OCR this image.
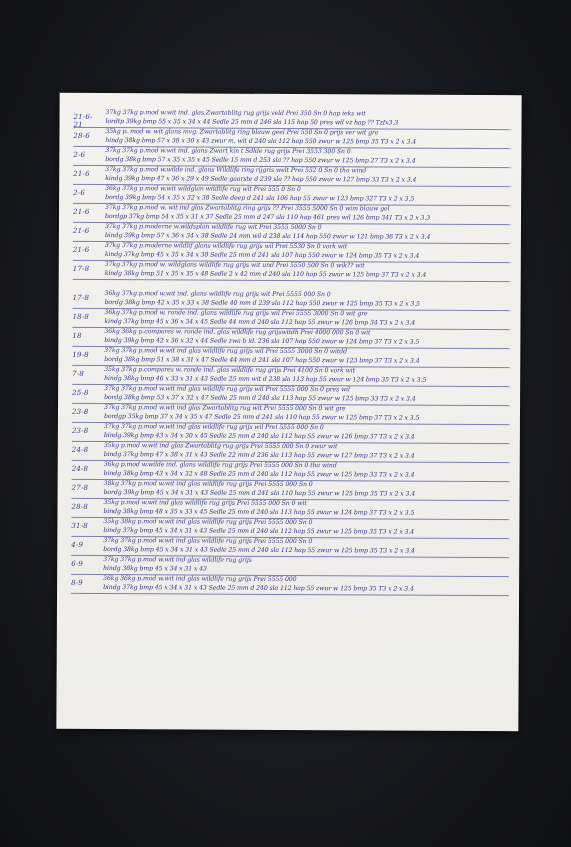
21-6-21
37kg 37kg p.mod w.wit ind. glas Zwartablitg rug grijs veld Prei 350 Sn 0 hap ieks wit
lordtp 39kg bmp 55 x 35 x 34 x 44 Sedle 25 mm d 246 sla 115 hap 50 pres wil vz hap ?? TzIx3.3
28-6	35kg p. mod w. wit glans mvg. Zwartablitg ring blauw geel Prei 550 Sn 0 prijs ver wit gre
hindg 38kg bmp 57 x 38 x 30 x 43 zwur m. wit d 240 sla 112 hap 550 zwur w 125 bmp 35 T3 x 2 x 3.4
2-6	37kg 37kg p.mod w.wit ind. glans Zwart kin t Sdlde rug grijs Prei 3553 300 Sn 0
bordg 38kg bmp 57 x 35 x 35 x 45 Sedle 15 mm d 253 sla ?? hap 550 zwur w 125 bmp 27 T3 x 2 x 3.4
21-6	37kg 37kg p.mod w.wilde ind. glans Wildlife ring rijgris welt Prei 552 0 Sn 0 tha wind
kindg 39kg bmp 47 x 36 x 29 x 49 Sedle gaarste d 239 sla ?? hap 550 zwur w 127 bmp 33 T3 x 2 x 3.4
2-6	36kg 37kg p.mod w.wit wildglan wildlife rug wit Prei 555 0 Sn 0
bordg 39kg bmp 54 x 35 x 32 x 38 Sedle deep d 241 sla 106 hap 55 zwur w 123 bmp 327 T3 x 2 x 3.5
21-6	37kg 37kg p.mod w. wit ind glas Zwartablitg ring grijs ?? Prei 3555 5000 Sn 0 wim blauw gel
bordgp 37kg bmp 54 x 35 x 31 x 37 Sedle 25 mm d 247 sla 110 hap 461 pres wil 126 bmp 341 T3 x 2 x 3.3
21-6	37kg 37kg p.moderne w.wildsplan wildlife rug wit Prei 3555 5000 Sn 0
bindg 39kg bmp 57 x 36 x 34 x 38 Sedle 24 mm wil d 238 sla 114 hap 550 zwur w 121 bmp 36 T3 x 2 x 3.4
21-6	37kg 37kg p.moderne wildlif glans wildlife rug grijs wil Prei 5530 Sn 0 vork wit
kindg 37kg bmp 45 x 35 x 34 x 38 Sedle 25 mm d 241 sla 107 hap 550 zwur w 124 bmp 35 T3 x 2 x 3.4
17-8	37kg 37kg p.mod w. wildglans wildlife rug grijs wit und Prei 5550 500 Sn 0 wik?? wit
kindg 38kg bmp 51 x 35 x 35 x 48 Sedle 2 x 42 mm d 240 sla 110 hap 55 zwur w 125 bmp 37 T3 x 2 x 3.4
17-8	36kg 37kg p.mod w.wit ind. glans wildlife rug grijs wit Prei 5555 000 Sn 0
bordg 38kg bmp 42 x 35 x 33 x 38 Sedle 40 mm d 239 sla 112 hap 550 zwur w 125 bmp 35 T3 x 2 x 3.5
18-8	36kg 37kg p.mod w. ronde ind. glans wildlife rug grijs wil Prei 5555 3000 Sn 0 wit gre
kindg 37kg bmp 45 x 36 x 34 x 45 Sedle 44 mm d 240 sla 112 hap 55 zwur w 126 bmp 34 T3 x 2 x 3.4
18	36kg 36kg p.compares w. ronde ind. glas wildlife rug grijswitdh Prei 4000 000 Sn 0 wit
bindg 39kg bmp 42 x 36 x 32 x 44 Sedle zwa b id. 236 sla 107 hap 550 zwur w 124 bmp 37 T3 x 2 x 3.5
19-8	37kg 37kg p.mod w.wit ind glas wildlife rug grijs wil Prei 5555 3000 Sn 0 witdd
bordg 38kg bmp 51 x 38 x 31 x 47 Sedle 44 mm d 241 sla 107 hap 550 zwur w 123 bmp 37 T3 x 2 x 3.4
7-8	35kg 37kg p.compares w. ronde ind. glas wildlife rug grijs Prei 4100 Sn 0 vork wit
hindg 38kg bmp 46 x 33 x 31 x 43 Sedle 25 mm wit d 238 sla 113 hap 55 zwur w 124 bmp 35 T3 x 2 x 3.5
25-8	37kg 37kg p.mod w.wit ind glas wildlife rug grijs wil Prei 5555 000 Sn 0 pres wil
bordg 38kg bmp 53 x 37 x 32 x 47 Sedle 25 mm d 240 sla 113 hap 55 zwur w 125 bmp 33 T3 x 2 x 3.4
23-8	37kg 37kg p.mod w.wit ind glas Zwartablitg rug wit Prei 5555 000 Sn 0 wit gre
bordgp 35kg bmp 37 x 34 x 35 x 47 Sedle 25 mm d 241 sla 110 hap 55 zwur w 125 bmp 37 T3 x 2 x 3.5
23-8	37kg 37kg p.mod w.wit ind glas wildlife rug grijs wil Prei 5555 000 Sn 0
bindg 39kg bmp 43 x 34 x 30 x 45 Sedle 25 mm d 240 sla 112 hap 55 zwur w 126 bmp 37 T3 x 2 x 3.4
24-8	35kg p.mod w.wit ind glas Zwartablitg rug grijs Prei 5555 000 Sn 0 zwur wit
bindg 37kg bmp 47 x 38 x 31 x 43 Sedle 22 mm d 236 sla 113 hap 55 zwur w 127 bmp 37 T3 x 2 x 3.4
24-8	36kg p.mod w.wilde ind. glans wildlife rug grijs Prei 5555 000 Sn 0 tha wind
bindg 38kg bmp 43 x 34 x 32 x 48 Sedle 25 mm d 240 sla 112 hap 55 zwur w 125 bmp 33 T3 x 2 x 3.4
27-8	38kg 37kg p.mod w.wit ind glas wildlife rug grijs Prei 5555 000 Sn 0
bordg 39kg bmp 45 x 34 x 31 x 43 Sedle 25 mm d 241 sla 110 hap 55 zwur w 125 bmp 35 T3 x 2 x 3.4
28-8	35kg p.mod w.wit ind glas wildlife rug grijs Prei 5555 000 Sn 0 wit
bindg 38kg bmp 48 x 35 x 33 x 45 Sedle 25 mm d 240 sla 113 hap 55 zwur w 124 bmp 37 T3 x 2 x 3.5
31-8	35kg 38kg p.mod w.wit ind glas wildlife rug grijs Prei 5555 000 Sn 0
bindg 37kg bmp 45 x 34 x 31 x 43 Sedle 25 mm d 240 sla 112 hap 55 zwur w 125 bmp 35 T3 x 2 x 3.4
4-9	37kg 37kg p.mod w.wit ind glas wildlife rug grijs Prei 5555 000 Sn 0
bordg 38kg bmp 45 x 34 x 31 x 43 Sedle 25 mm d 240 sla 112 hap 55 zwur w 125 bmp 35 T3 x 2 x 3.4
6-9	37kg 37kg p.mod w.wit ind glas wildlife rug grijs
hindg 38kg bmp 45 x 34 x 31 x 43
8-9	36kg 36kg p.mod w.wit ind glas wildlife rug grijs Prei 5555 000
bindg 37kg bmp 45 x 34 x 31 x 43 Sedle 25 mm d 240 sla 112 hap 55 zwur w 125 bmp 35 T3 x 2 x 3.4
